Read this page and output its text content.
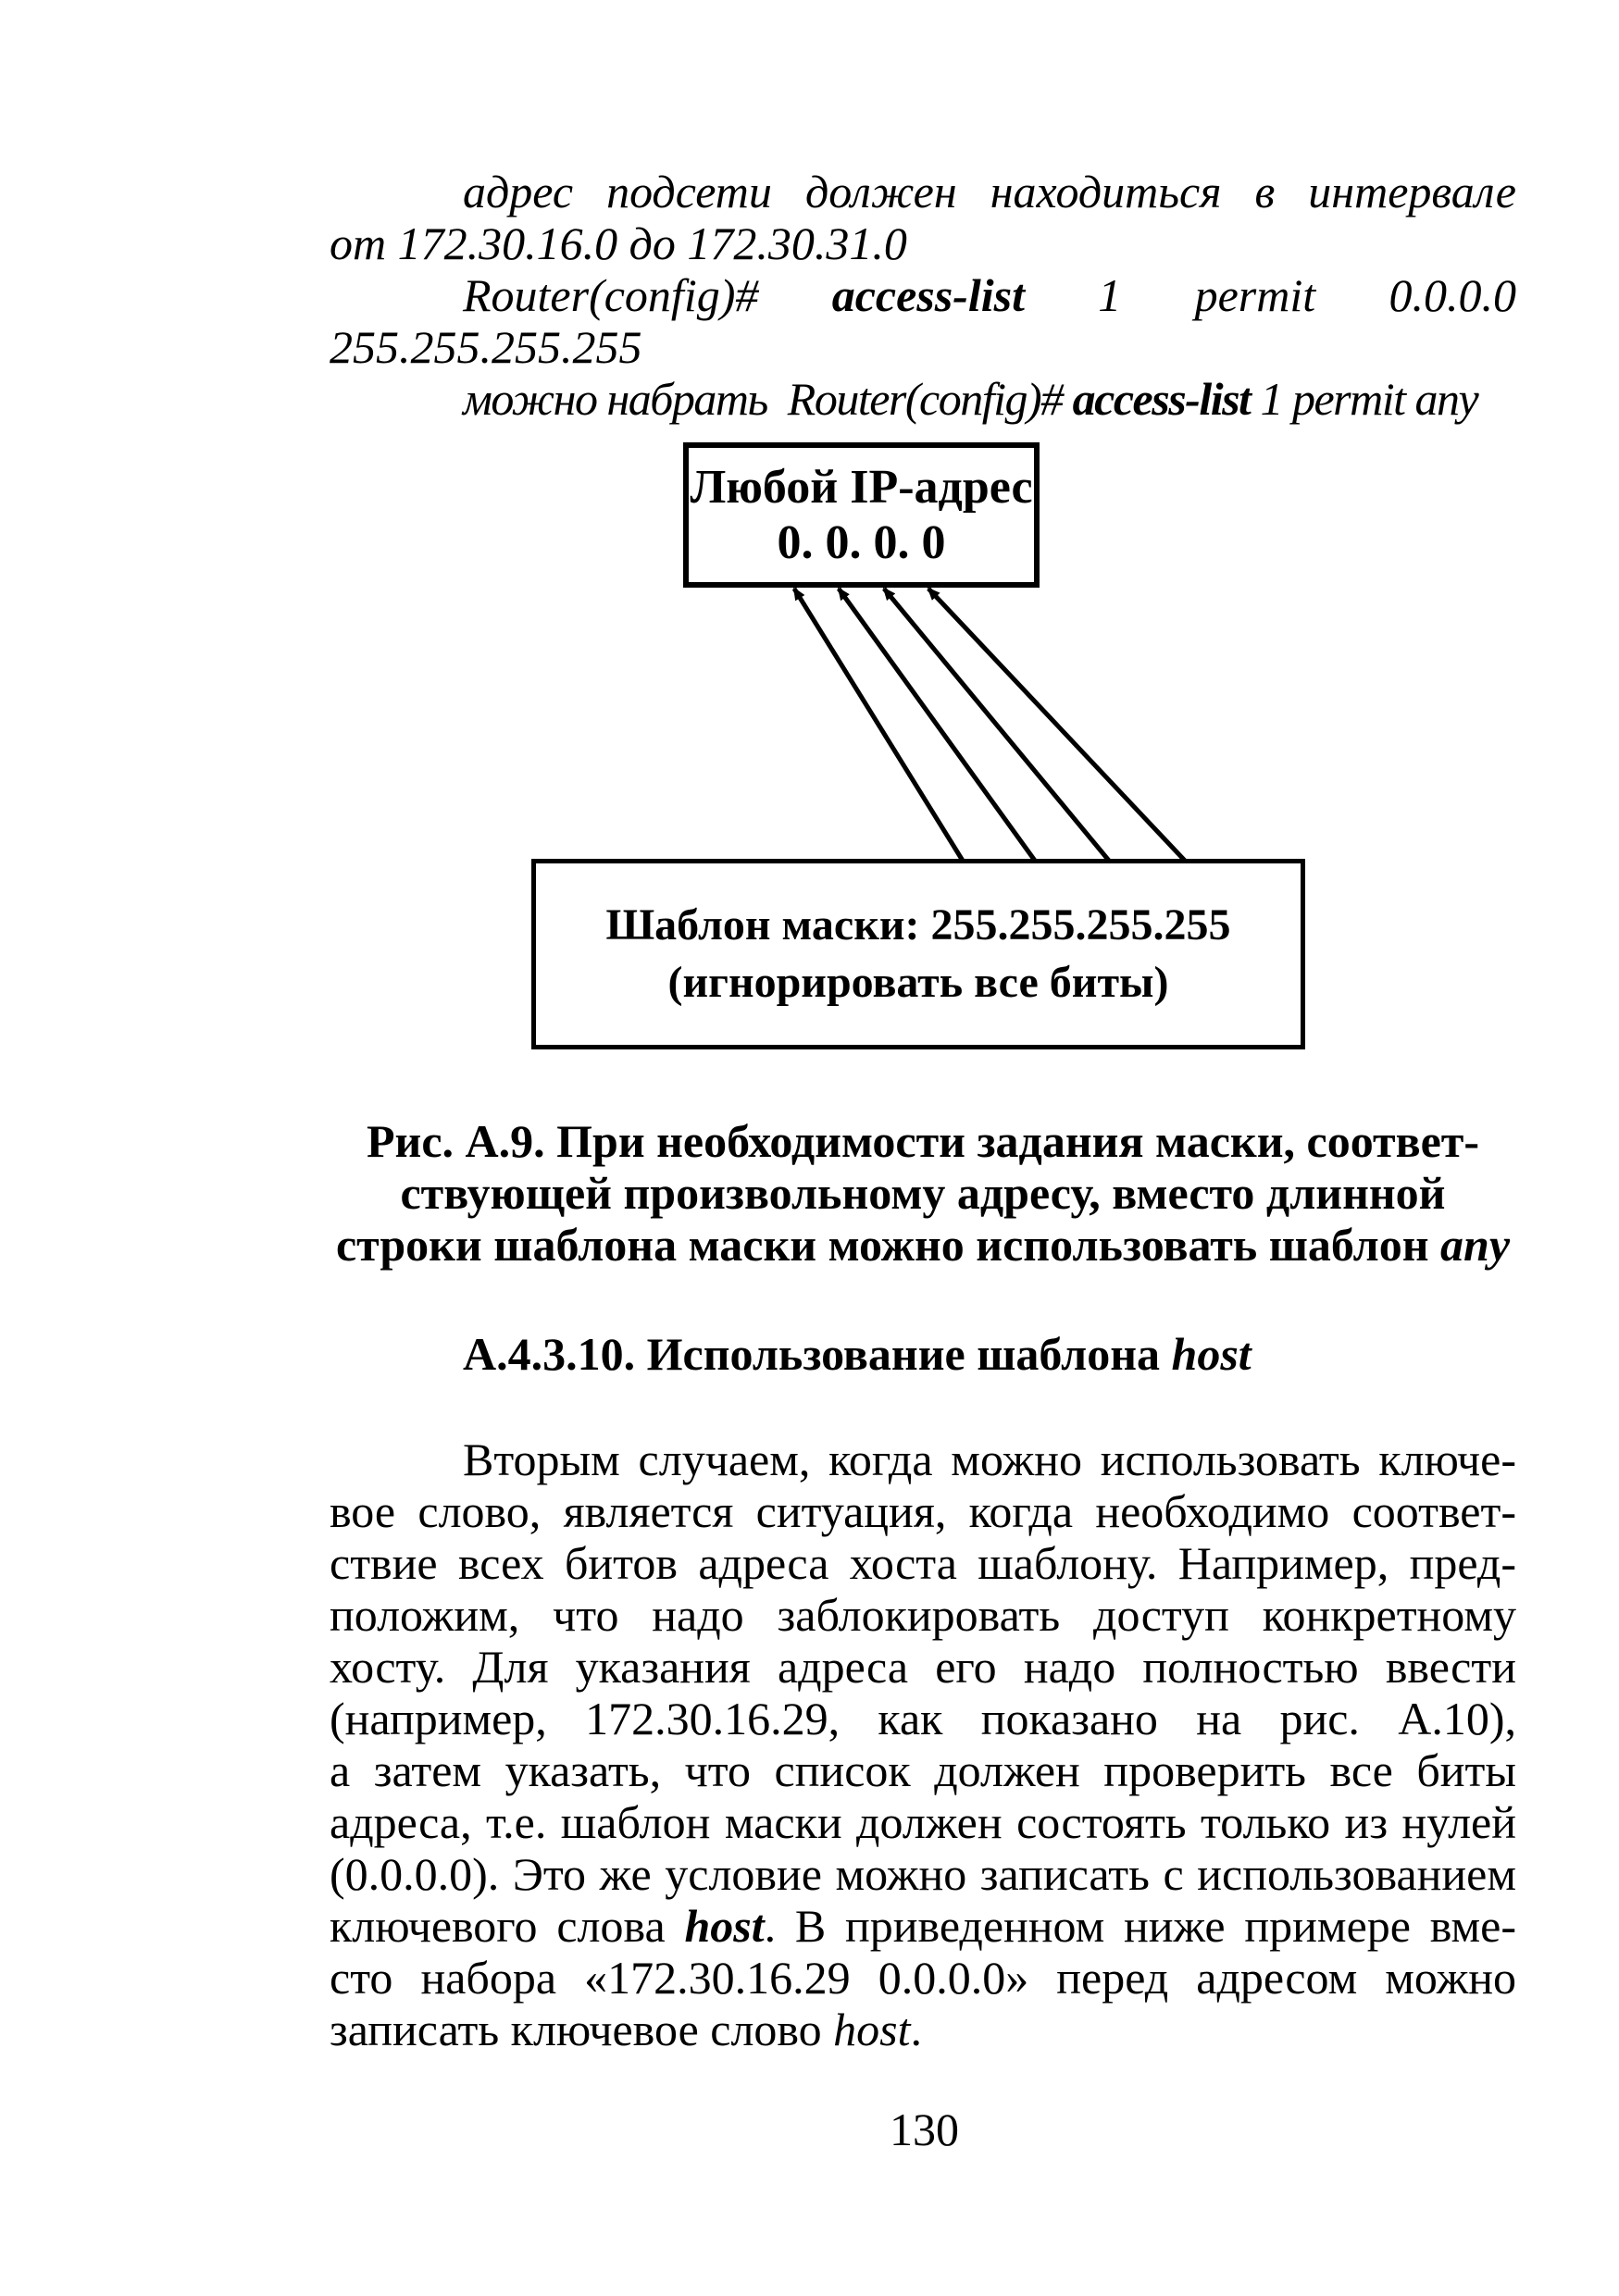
адрес подсети должен находиться в интервале

от 172.30.16.0 до 172.30.31.0

Router(config)# access-list 1 permit 0.0.0.0

255.255.255.255

можно набрать Router(config)# access-list 1 permit any
Любой IP-адрес
0. 0. 0. 0
Шаблон маски: 255.255.255.255
(игнорировать все биты)

Рис. А.9. При необходимости задания маски, соответ-

ствующей произвольному адресу, вместо длинной

строки шаблона маски можно использовать шаблон any

А.4.3.10. Использование шаблона host

Вторым случаем, когда можно использовать ключе-

вое слово, является ситуация, когда необходимо соответ-

ствие всех битов адреса хоста шаблону. Например, пред-

положим, что надо заблокировать доступ конкретному

хосту. Для указания адреса его надо полностью ввести

(например, 172.30.16.29, как показано на рис. А.10),

а затем указать, что список должен проверить все биты

адреса, т.е. шаблон маски должен состоять только из нулей

(0.0.0.0). Это же условие можно записать с использованием

ключевого слова host. В приведенном ниже примере вме-

сто набора «172.30.16.29 0.0.0.0» перед адресом можно

записать ключевое слово host.

130
